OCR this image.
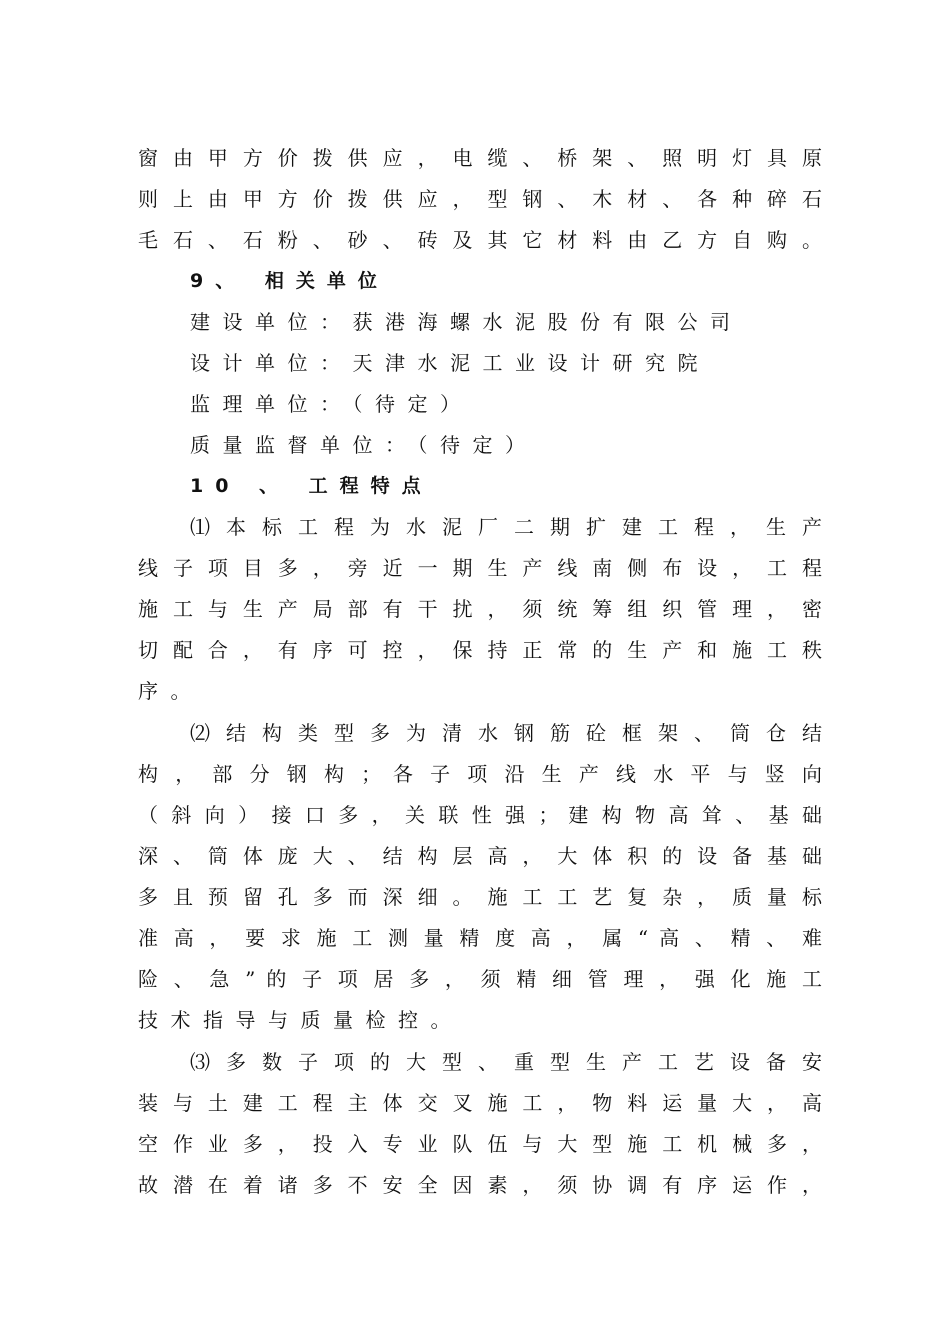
窗 由 甲 方 价 拨 供 应 ， 电 缆 、 桥 架 、 照 明 灯 具 原
则 上 由 甲 方 价 拨 供 应 ， 型 钢 、 木 材 、 各 种 碎 石
毛 石 、 石 粉 、 砂 、 砖 及 其 它 材 料 由 乙 方 自 购 。
9、 相关单位
建设单位：获港海螺水泥股份有限公司
设计单位：天津水泥工业设计研究院
监理单位：（待定）
质量监督单位：（待定）
10 、 工程特点
⑴ 本 标 工 程 为 水 泥 厂 二 期 扩 建 工 程 ， 生 产
线 子 项 目 多 ， 旁 近 一 期 生 产 线 南 侧 布 设 ， 工 程
施 工 与 生 产 局 部 有 干 扰 ， 须 统 筹 组 织 管 理 ， 密
切 配 合 ， 有 序 可 控 ， 保 持 正 常 的 生 产 和 施 工 秩
序。
⑵ 结 构 类 型 多 为 清 水 钢 筋 砼 框 架 、 筒 仓 结
构 ， 部 分 钢 构 ； 各 子 项 沿 生 产 线 水 平 与 竖 向
（ 斜 向 ） 接 口 多 ， 关 联 性 强 ； 建 构 物 高 耸 、 基 础
深 、 筒 体 庞 大 、 结 构 层 高 ， 大 体 积 的 设 备 基 础
多 且 预 留 孔 多 而 深 细 。 施 工 工 艺 复 杂 ， 质 量 标
准 高 ， 要 求 施 工 测 量 精 度 高 ， 属 “ 高 、 精 、 难
险 、 急 ” 的 子 项 居 多 ， 须 精 细 管 理 ， 强 化 施 工
技术指导与质量检控。
⑶ 多 数 子 项 的 大 型 、 重 型 生 产 工 艺 设 备 安
装 与 土 建 工 程 主 体 交 叉 施 工 ， 物 料 运 量 大 ， 高
空 作 业 多 ， 投 入 专 业 队 伍 与 大 型 施 工 机 械 多 ，
故 潜 在 着 诸 多 不 安 全 因 素 ， 须 协 调 有 序 运 作 ，
